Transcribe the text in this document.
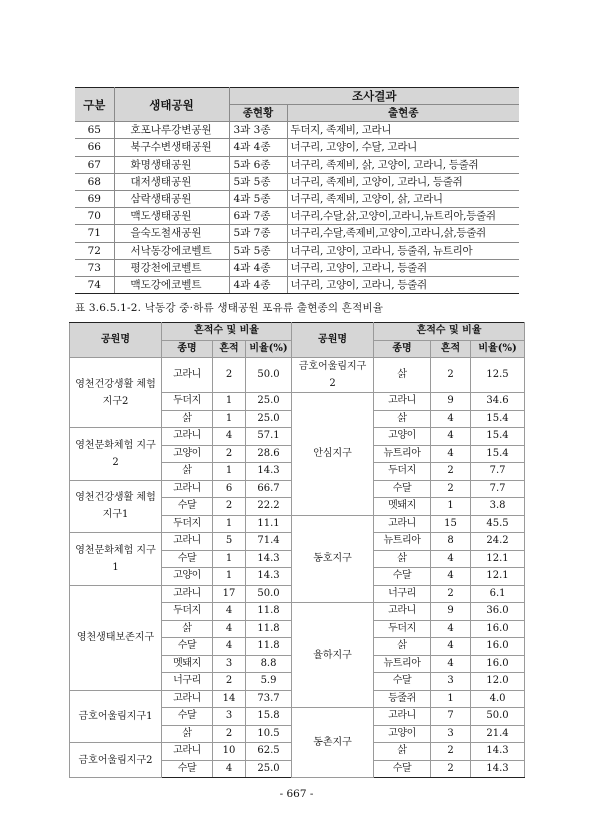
구분	생태공원	조사결과	
		종현황	출현종
65	호포나루강변공원	3과 3종	두더지, 족제비, 고라니
66	북구수변생태공원	4과 4종	너구리, 고양이, 수달, 고라니
67	화명생태공원	5과 6종	너구리, 족제비, 삵, 고양이, 고라니, 등줄쥐
68	대저생태공원	5과 5종	너구리, 족제비, 고양이, 고라니, 등줄쥐
69	삼락생태공원	4과 5종	너구리, 족제비, 고양이, 삵, 고라니
70	맥도생태공원	6과 7종	너구리,수달,삵,고양이,고라니,뉴트리아,등줄쥐
71	을숙도철새공원	5과 7종	너구리,수달,족제비,고양이,고라니,삵,등줄쥐
72	서낙동강에코벨트	5과 5종	너구리, 고양이, 고라니, 등줄쥐, 뉴트리아
73	평강천에코벨트	4과 4종	너구리, 고양이, 고라니, 등줄쥐
74	맥도강에코벨트	4과 4종	너구리, 고양이, 고라니, 등줄쥐
표 3.6.5.1-2. 낙동강 중·하류 생태공원 포유류 출현종의 흔적비율
공원명	흔적수 및 비율			공원명	흔적수 및 비율		
	종명	흔적	비율(%)		종명	흔적	비율(%)
영천건강생활 체험지구2	고라니	2	50.0	금호어울림지구2	삵	2	12.5
	두더지	1	25.0	안심지구	고라니	9	34.6
	삵	1	25.0		삵	4	15.4
영천문화체험 지구2	고라니	4	57.1		고양이	4	15.4
	고양이	2	28.6		뉴트리아	4	15.4
	삵	1	14.3		두더지	2	7.7
영천건강생활 체험지구1	고라니	6	66.7		수달	2	7.7
	수달	2	22.2		멧돼지	1	3.8
	두더지	1	11.1	동호지구	고라니	15	45.5
영천문화체험 지구1	고라니	5	71.4		뉴트리아	8	24.2
	수달	1	14.3		삵	4	12.1
	고양이	1	14.3		수달	4	12.1
영천생태보존지구	고라니	17	50.0		너구리	2	6.1
	두더지	4	11.8	율하지구	고라니	9	36.0
	삵	4	11.8		두더지	4	16.0
	수달	4	11.8		삵	4	16.0
	멧돼지	3	8.8		뉴트리아	4	16.0
	너구리	2	5.9		수달	3	12.0
금호어울림지구1	고라니	14	73.7		등줄쥐	1	4.0
	수달	3	15.8	동촌지구	고라니	7	50.0
	삵	2	10.5		고양이	3	21.4
금호어울림지구2	고라니	10	62.5		삵	2	14.3
	수달	4	25.0		수달	2	14.3
- 667 -
